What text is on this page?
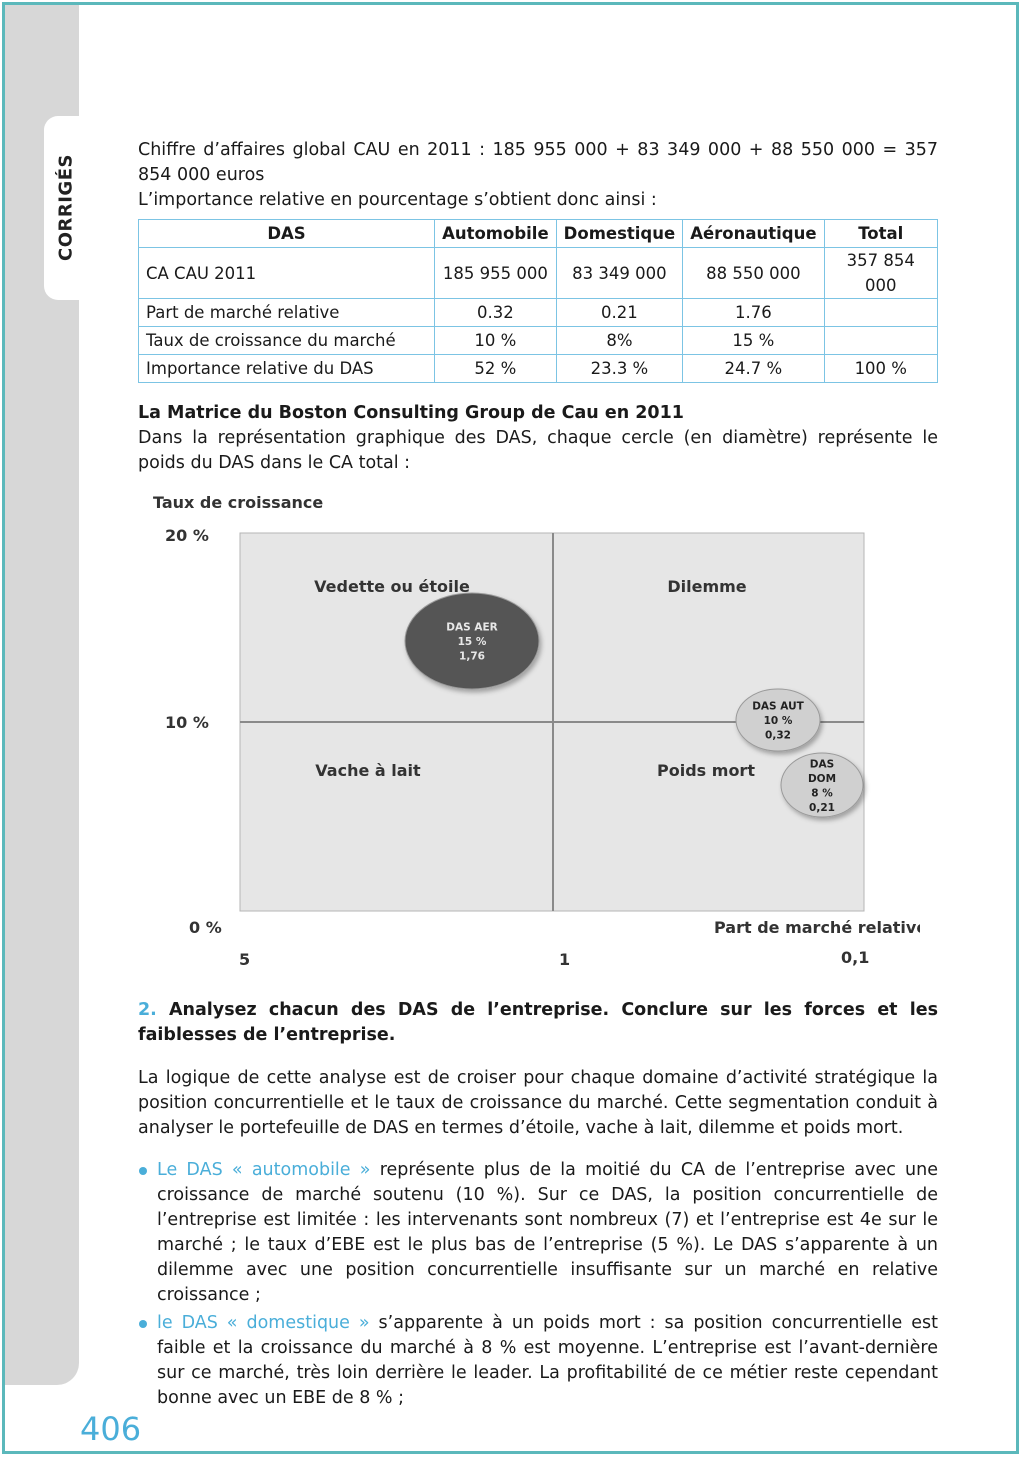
CORRIGÉS
406

Chiffre d’affaires global CAU en 2011 : 185 955 000 + 83 349 000 + 88 550 000 = 357 854 000 euros

L’importance relative en pourcentage s’obtient donc ainsi :

DAS	Automobile	Domestique	Aéronautique	Total
CA CAU 2011	185 955 000	83 349 000	88 550 000	357 854 000
Part de marché relative	0.32	0.21	1.76	
Taux de croissance du marché	10 %	8%	15 %	
Importance relative du DAS	52 %	23.3 %	24.7 %	100 %

La Matrice du Boston Consulting Group de Cau en 2011

Dans la représentation graphique des DAS, chaque cercle (en diamètre) représente le poids du DAS dans le CA total :

Taux de croissance
Part de marché relative
20 %
10 %
0 %
5	1	0,1
Vedette ou étoile	Dilemme
Vache à lait	Poids mort
DAS AER
15 %
1,76
DAS AUT
10 %
0,32
DAS
DOM
8 %
0,21

2. Analysez chacun des DAS de l’entreprise. Conclure sur les forces et les faiblesses de l’entreprise.

La logique de cette analyse est de croiser pour chaque domaine d’activité stratégique la position concurrentielle et le taux de croissance du marché. Cette segmentation conduit à analyser le portefeuille de DAS en termes d’étoile, vache à lait, dilemme et poids mort.

Le DAS « automobile » représente plus de la moitié du CA de l’entreprise avec une croissance de marché soutenu (10 %). Sur ce DAS, la position concurrentielle de l’entreprise est limitée : les intervenants sont nombreux (7) et l’entreprise est 4e sur le marché ; le taux d’EBE est le plus bas de l’entreprise (5 %). Le DAS s’apparente à un dilemme avec une position concurrentielle insuffisante sur un marché en relative croissance ;
le DAS « domestique » s’apparente à un poids mort : sa position concurrentielle est faible et la croissance du marché à 8 % est moyenne. L’entreprise est l’avant-dernière sur ce marché, très loin derrière le leader. La profitabilité de ce métier reste cependant bonne avec un EBE de 8 % ;
